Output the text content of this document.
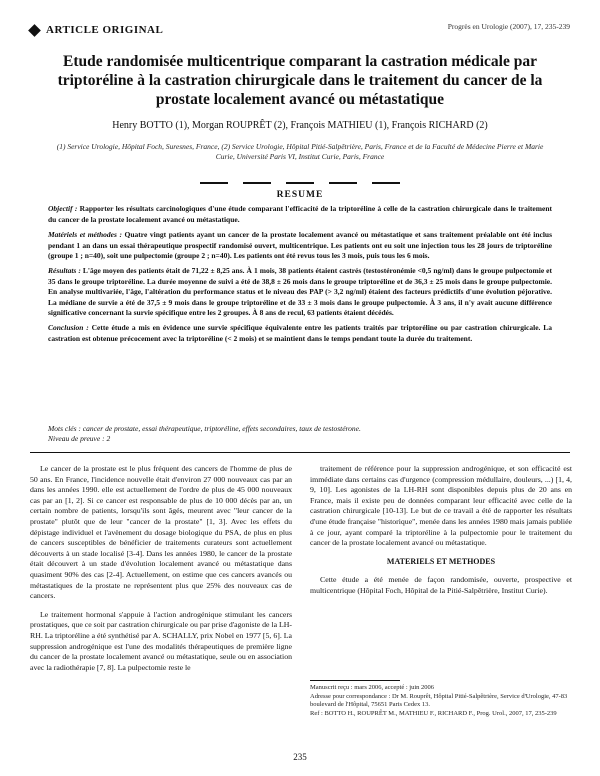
ARTICLE ORIGINAL	Progrès en Urologie (2007), 17, 235-239
Etude randomisée multicentrique comparant la castration médicale par triptoréline à la castration chirurgicale dans le traitement du cancer de la prostate localement avancé ou métastatique
Henry BOTTO (1), Morgan ROUPRÊT (2), François MATHIEU (1), François RICHARD (2)
(1) Service Urologie, Hôpital Foch, Suresnes, France, (2) Service Urologie, Hôpital Pitié-Salpêtrière, Paris, France et de la Faculté de Médecine Pierre et Marie Curie, Université Paris VI, Institut Curie, Paris, France
RESUME

Objectif : Rapporter les résultats carcinologiques d'une étude comparant l'efficacité de la triptoréline à celle de la castration chirurgicale dans le traitement du cancer de la prostate localement avancé ou métastatique.

Matériels et méthodes : Quatre vingt patients ayant un cancer de la prostate localement avancé ou métastatique et sans traitement préalable ont été inclus pendant 1 an dans un essai thérapeutique prospectif randomisé ouvert, multicentrique. Les patients ont eu soit une injection tous les 28 jours de triptoréline (groupe 1 ; n=40), soit une pulpectomie (groupe 2 ; n=40). Les patients ont été revus tous les 3 mois, puis tous les 6 mois.

Résultats : L'âge moyen des patients était de 71,22 ± 8,25 ans. À 1 mois, 38 patients étaient castrés (testostéronémie <0,5 ng/ml) dans le groupe pulpectomie et 35 dans le groupe triptoréline. La durée moyenne de suivi a été de 38,8 ± 26 mois dans le groupe triptoréline et de 36,3 ± 25 mois dans le groupe pulpectomie. En analyse multivariée, l'âge, l'altération du performance status et le niveau des PAP (> 3,2 ng/ml) étaient des facteurs prédictifs d'une évolution péjorative. La médiane de survie a été de 37,5 ± 9 mois dans le groupe triptoréline et de 33 ± 3 mois dans le groupe pulpectomie. À 3 ans, il n'y avait aucune différence significative concernant la survie spécifique entre les 2 groupes. À 8 ans de recul, 63 patients étaient décédés.

Conclusion : Cette étude a mis en évidence une survie spécifique équivalente entre les patients traités par triptoréline ou par castration chirurgicale. La castration est obtenue précocement avec la triptoréline (< 2 mois) et se maintient dans le temps pendant toute la durée du traitement.

Mots clés : cancer de prostate, essai thérapeutique, triptoréline, effets secondaires, taux de testostérone.

Niveau de preuve : 2

Le cancer de la prostate est le plus fréquent des cancers de l'homme de plus de 50 ans. En France, l'incidence nouvelle était d'environ 27 000 nouveaux cas par an dans les années 1990. elle est actuellement de l'ordre de plus de 45 000 nouveaux cas par an [1, 2]. Si ce cancer est responsable de plus de 10 000 décès par an, un certain nombre de patients, lorsqu'ils sont âgés, meurent avec "leur cancer de la prostate" plutôt que de leur "cancer de la prostate" [1, 3]. Avec les effets du dépistage individuel et l'avènement du dosage biologique du PSA, de plus en plus de cancers susceptibles de bénéficier de traitements curateurs sont actuellement découverts à un stade localisé [3-4]. Dans les années 1980, le cancer de la prostate était découvert à un stade d'évolution localement avancé ou métastatique dans quasiment 90% des cas [2-4]. Actuellement, on estime que ces cancers avancés ou métastatiques de la prostate ne représentent plus que 25% des nouveaux cas de cancers.

Le traitement hormonal s'appuie à l'action androgénique stimulant les cancers prostatiques, que ce soit par castration chirurgicale ou par prise d'agoniste de la LH-RH. La triptoréline a été synthétisé par A. SCHALLY, prix Nobel en 1977 [5, 6]. La suppression androgénique est l'une des modalités thérapeutiques de première ligne du cancer de la prostate localement avancé ou métastatique, seule ou en association avec la radiothérapie [7, 8]. La pulpectomie reste le

traitement de référence pour la suppression androgénique, et son efficacité est immédiate dans certains cas d'urgence (compression médullaire, douleurs, ...) [1, 4, 9, 10]. Les agonistes de la LH-RH sont disponibles depuis plus de 20 ans en France, mais il existe peu de données comparant leur efficacité avec celle de la castration chirurgicale [10-13]. Le but de ce travail a été de rapporter les résultats d'une étude française "historique", menée dans les années 1980 mais jamais publiée à ce jour, ayant comparé la triptoréline à la pulpectomie pour le traitement du cancer de la prostate localement avancé ou métastatique.

MATERIELS ET METHODES

Cette étude a été menée de façon randomisée, ouverte, prospective et multicentrique (Hôpital Foch, Hôpital de la Pitié-Salpêtrière, Institut Curie).

Manuscrit reçu : mars 2006, accepté : juin 2006

Adresse pour correspondance : Dr M. Rouprêt, Hôpital Pitié-Salpêtrière, Service d'Urologie, 47-83 boulevard de l'Hôpital, 75651 Paris Cedex 13.

Ref : BOTTO H., ROUPRÊT M., MATHIEU F., RICHARD F., Prog. Urol., 2007, 17, 235-239

235
